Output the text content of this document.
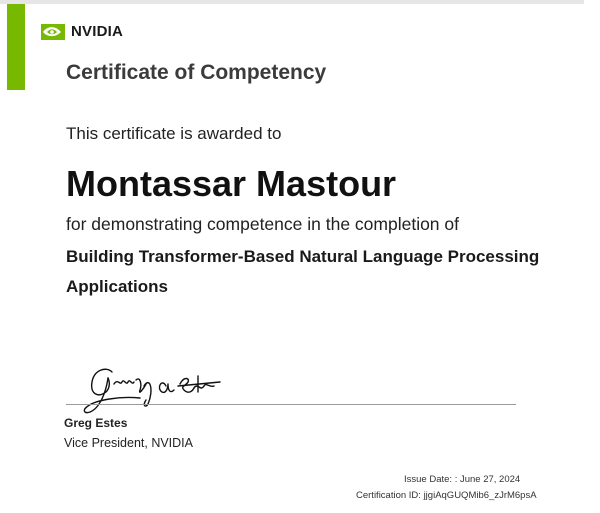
NVIDIA
Certificate of Competency

This certificate is awarded to

Montassar Mastour

for demonstrating competence in the completion of

Building Transformer-Based Natural Language Processing Applications

Greg Estes

Vice President, NVIDIA

Issue Date: : June 27, 2024

Certification ID: jjgiAqGUQMib6_zJrM6psA
